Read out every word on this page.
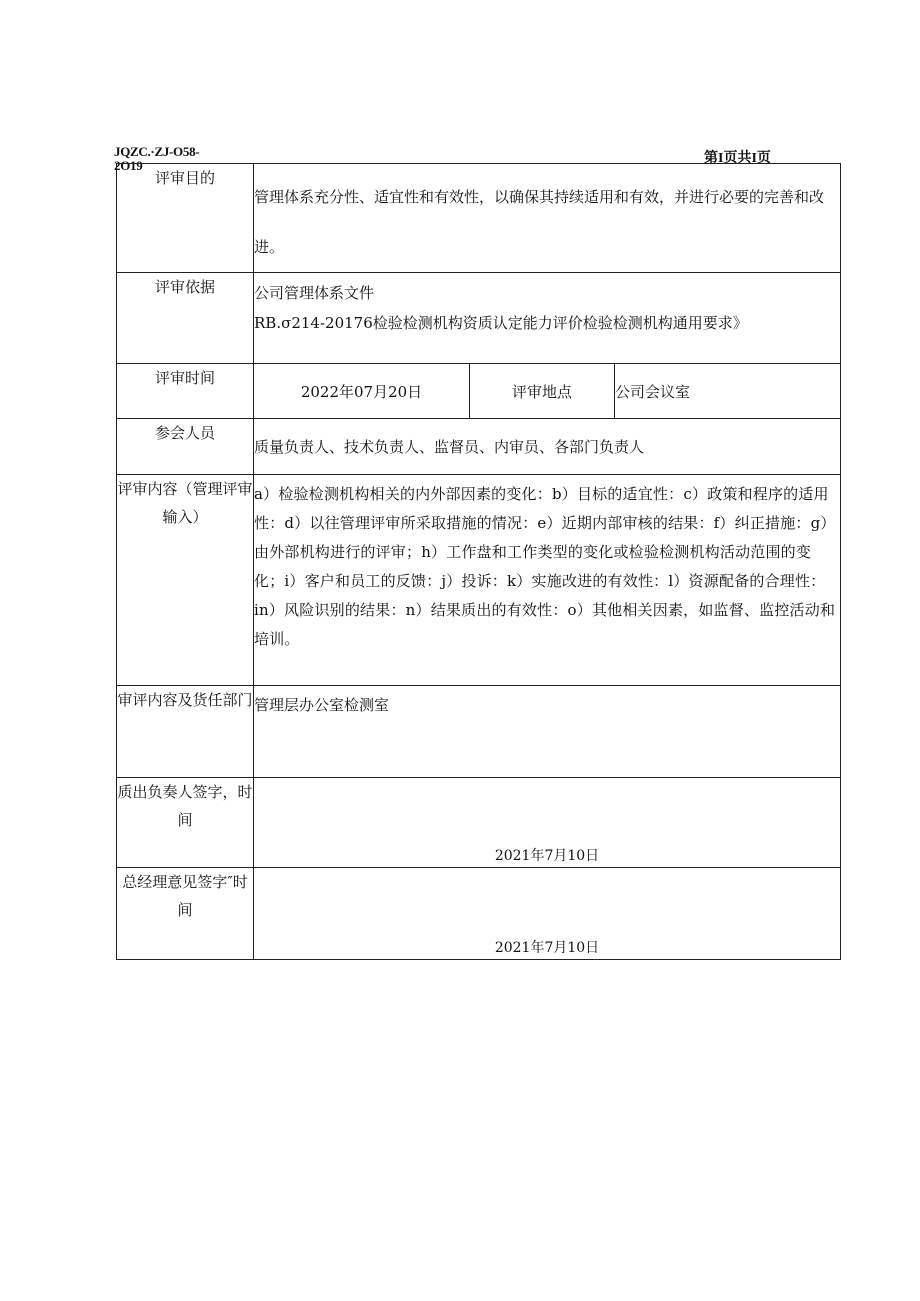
JQZC.·ZJ-O58-
2O19	第I页共I页
评审目的	管理体系充分性、适宜性和有效性，以确保其持续适用和有效，并进行必要的完善和改进。		

评审依据	公司管理体系文件
RB.σ214-20176检验检测机构资质认定能力评价检验检测机构通用要求》		

评审时间	2022年07月20日	评审地点	公司会议室
参会人员	质量负责人、技术负责人、监督员、内审员、各部门负责人		
评审内容（管理评审输入）	a）检验检测机构相关的内外部因素的变化：b）目标的适宜性：c）政策和程序的适用性：d）以往管理评审所采取措施的情况：e）近期内部审核的结果：f）纠正措施：g）由外部机构进行的评审；h）工作盘和工作类型的变化或检验检测机构活动范围的变化；i）客户和员工的反馈：j）投诉：k）实施改进的有效性：l）资源配备的合理性：in）风险识别的结果：n）结果质出的有效性：o）其他相关因素，如监督、监控活动和培训。		

审评内容及货任部门	管理层办公室检测室		

质出负奏人签字，时间	2021年7月10日		

总经理意见签字″时间	2021年7月10日		
